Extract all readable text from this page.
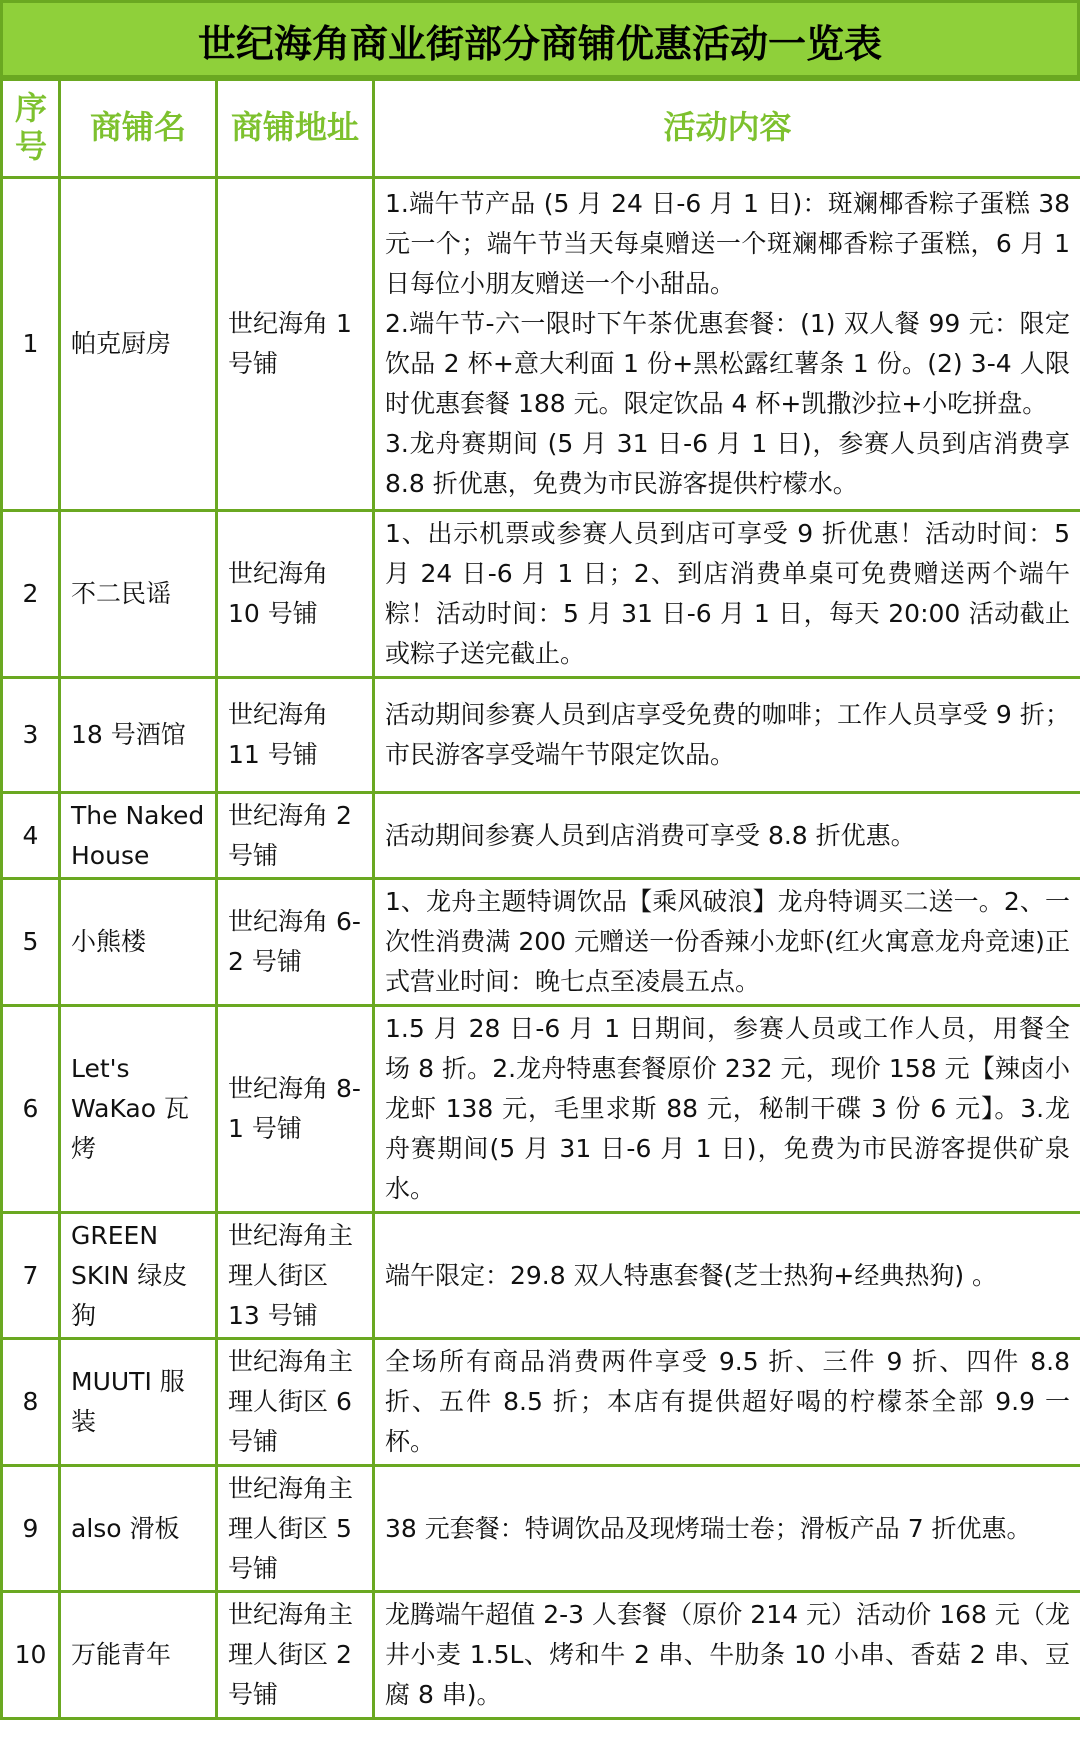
世纪海角商业街部分商铺优惠活动一览表
序号	商铺名	商铺地址	活动内容
1	帕克厨房	世纪海角 1 号铺	1.端午节产品 (5 月 24 日-6 月 1 日)：斑斓椰香粽子蛋糕 38 元一个；端午节当天每桌赠送一个斑斓椰香粽子蛋糕，6 月 1 日每位小朋友赠送一个小甜品。
2.端午节-六一限时下午茶优惠套餐：(1) 双人餐 99 元：限定饮品 2 杯+意大利面 1 份+黑松露红薯条 1 份。(2) 3-4 人限时优惠套餐 188 元。限定饮品 4 杯+凯撒沙拉+小吃拼盘。
3.龙舟赛期间 (5 月 31 日-6 月 1 日)，参赛人员到店消费享 8.8 折优惠，免费为市民游客提供柠檬水。

2	不二民谣	世纪海角 10 号铺	1、出示机票或参赛人员到店可享受 9 折优惠！活动时间：5 月 24 日-6 月 1 日；2、到店消费单桌可免费赠送两个端午粽！活动时间：5 月 31 日-6 月 1 日，每天 20:00 活动截止或粽子送完截止。

3	18 号酒馆	世纪海角 11 号铺	活动期间参赛人员到店享受免费的咖啡；工作人员享受 9 折；市民游客享受端午节限定饮品。

4	The Naked House	世纪海角 2 号铺	活动期间参赛人员到店消费可享受 8.8 折优惠。

5	小熊楼	世纪海角 6-2 号铺	1、龙舟主题特调饮品【乘风破浪】龙舟特调买二送一。2、一次性消费满 200 元赠送一份香辣小龙虾(红火寓意龙舟竞速)正式营业时间：晚七点至凌晨五点。

6	Let's WaKao 瓦烤	世纪海角 8-1 号铺	1.5 月 28 日-6 月 1 日期间，参赛人员或工作人员，用餐全场 8 折。2.龙舟特惠套餐原价 232 元，现价 158 元【辣卤小龙虾 138 元，毛里求斯 88 元，秘制干碟 3 份 6 元】。3.龙舟赛期间(5 月 31 日-6 月 1 日)，免费为市民游客提供矿泉水。

7	GREEN SKIN 绿皮狗	世纪海角主理人街区 13 号铺	端午限定：29.8 双人特惠套餐(芝士热狗+经典热狗) 。

8	MUUTI 服装	世纪海角主理人街区 6 号铺	全场所有商品消费两件享受 9.5 折、三件 9 折、四件 8.8 折、五件 8.5 折；本店有提供超好喝的柠檬茶全部 9.9 一杯。

9	also 滑板	世纪海角主理人街区 5 号铺	38 元套餐：特调饮品及现烤瑞士卷；滑板产品 7 折优惠。

10	万能青年	世纪海角主理人街区 2 号铺	龙腾端午超值 2-3 人套餐（原价 214 元）活动价 168 元（龙井小麦 1.5L、烤和牛 2 串、牛肋条 10 小串、香菇 2 串、豆腐 8 串)。
